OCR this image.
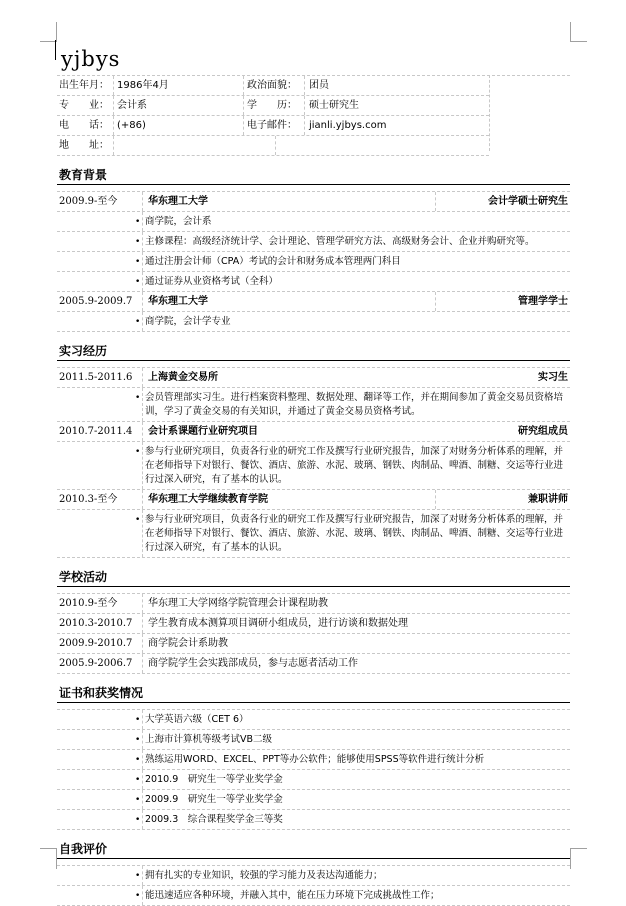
yjbys
出生年月： 1986年4月	政治面貌： 团员
专　　业： 会计系	学　　历： 硕士研究生
电　　话： (+86)	电子邮件： jianli.yjbys.com
地　　址：
教育背景
2009.9-至今	华东理工大学	会计学硕士研究生
• 商学院，会计系
• 主修课程：高级经济统计学、会计理论、管理学研究方法、高级财务会计、企业并购研究等。
• 通过注册会计师（CPA）考试的会计和财务成本管理两门科目
• 通过证券从业资格考试（全科）
2005.9-2009.7 华东理工大学	管理学学士
• 商学院，会计学专业
实习经历
2011.5-2011.6 上海黄金交易所	实习生
• 会员管理部实习生。进行档案资料整理、数据处理、翻译等工作，并在期间参加了黄金交易员资格培训，学习了黄金交易的有关知识，并通过了黄金交易员资格考试。
2010.7-2011.4 会计系课题行业研究项目	研究组成员
• 参与行业研究项目，负责各行业的研究工作及撰写行业研究报告，加深了对财务分析体系的理解，并在老师指导下对银行、餐饮、酒店、旅游、水泥、玻璃、钢铁、肉制品、啤酒、制糖、交运等行业进行过深入研究，有了基本的认识。
2010.3-至今	华东理工大学继续教育学院	兼职讲师
• 参与行业研究项目，负责各行业的研究工作及撰写行业研究报告，加深了对财务分析体系的理解，并在老师指导下对银行、餐饮、酒店、旅游、水泥、玻璃、钢铁、肉制品、啤酒、制糖、交运等行业进行过深入研究，有了基本的认识。
学校活动
2010.9-至今	华东理工大学网络学院管理会计课程助教
2010.3-2010.7 学生教育成本测算项目调研小组成员，进行访谈和数据处理
2009.9-2010.7 商学院会计系助教
2005.9-2006.7 商学院学生会实践部成员，参与志愿者活动工作
证书和获奖情况
• 大学英语六级（CET 6）
• 上海市计算机等级考试VB二级
• 熟练运用WORD、EXCEL、PPT等办公软件；能够使用SPSS等软件进行统计分析
• 2010.9　研究生一等学业奖学金
• 2009.9　研究生一等学业奖学金
• 2009.3　综合课程奖学金三等奖
自我评价
• 拥有扎实的专业知识，较强的学习能力及表达沟通能力；
• 能迅速适应各种环境，并融入其中，能在压力环境下完成挑战性工作；
